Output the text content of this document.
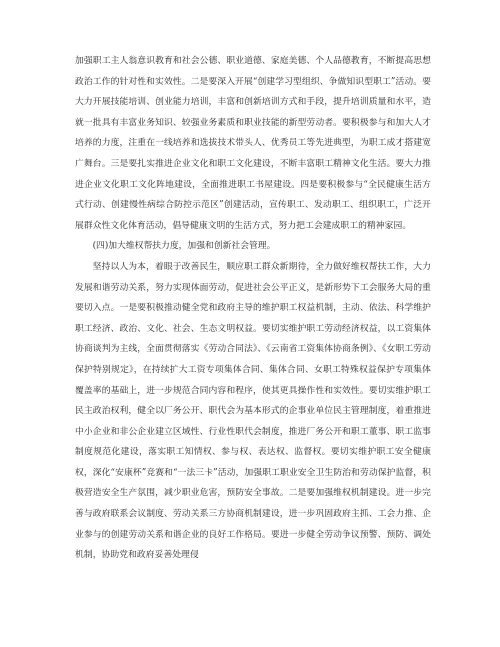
加强职工主人翁意识教育和社会公德、职业道德、家庭美德、个人品德教育，不断提高思想政治工作的针对性和实效性。二是要深入开展“创建学习型组织、争做知识型职工”活动。要大力开展技能培训、创业能力培训，丰富和创新培训方式和手段，提升培训质量和水平，造就一批具有丰富业务知识、较强业务素质和职业技能的新型劳动者。要积极参与和加大人才培养的力度，注重在一线培养和选拔技术带头人、优秀员工等先进典型，为职工成才搭建宽广舞台。三是要扎实推进企业文化和职工文化建设，不断丰富职工精神文化生活。要大力推进企业文化职工文化阵地建设，全面推进职工书屋建设。四是要积极参与“全民健康生活方式行动、创建慢性病综合防控示范区”创建活动，宣传职工、发动职工、组织职工，广泛开展群众性文化体育活动，倡导健康文明的生活方式，努力把工会建成职工的精神家园。

(四)加大维权帮扶力度，加强和创新社会管理。

坚持以人为本，着眼于改善民生，顺应职工群众新期待，全力做好维权帮扶工作，大力发展和谐劳动关系，努力实现体面劳动，促进社会公平正义，是新形势下工会服务大局的重要切入点。一是要积极推动健全党和政府主导的维护职工权益机制，主动、依法、科学维护职工经济、政治、文化、社会、生态文明权益。要切实维护职工劳动经济权益，以工资集体协商谈判为主线，全面贯彻落实《劳动合同法》、《云南省工资集体协商条例》、《女职工劳动保护特别规定》，在持续扩大工资专项集体合同、集体合同、女职工特殊权益保护专项集体覆盖率的基础上，进一步规范合同内容和程序，使其更具操作性和实效性。要切实维护职工民主政治权利，健全以厂务公开、职代会为基本形式的企事业单位民主管理制度，着重推进中小企业和非公企业建立区域性、行业性职代会制度，推进厂务公开和职工董事、职工监事制度规范化建设，落实职工知情权、参与权、表达权、监督权。要切实维护职工安全健康权，深化“安康杯”竞赛和“一法三卡”活动，加强职工职业安全卫生防治和劳动保护监督，积极营造安全生产氛围，减少职业危害，预防安全事故。二是要加强维权机制建设。进一步完善与政府联系会议制度、劳动关系三方协商机制建设，进一步巩固政府主抓、工会力推、企业参与的创建劳动关系和谐企业的良好工作格局。要进一步健全劳动争议预警、预防、调处机制，协助党和政府妥善处理侵
